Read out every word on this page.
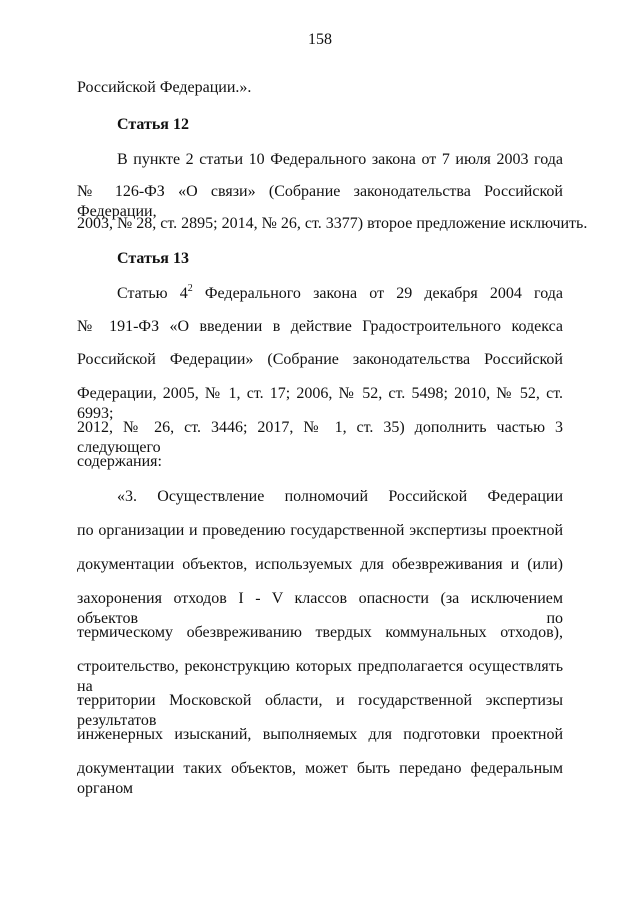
158
Российской Федерации.».
Статья 12
В пункте 2 статьи 10 Федерального закона от 7 июля 2003 года
№ 126-ФЗ «О связи» (Собрание законодательства Российской Федерации,
2003, № 28, ст. 2895; 2014, № 26, ст. 3377) второе предложение исключить.
Статья 13
Статью $4^2$ Федерального закона от 29 декабря 2004 года
№ 191-ФЗ «О введении в действие Градостроительного кодекса
Российской Федерации» (Собрание законодательства Российской
Федерации, 2005, № 1, ст. 17; 2006, № 52, ст. 5498; 2010, № 52, ст. 6993;
2012, № 26, ст. 3446; 2017, № 1, ст. 35) дополнить частью 3 следующего
содержания:
«3. Осуществление полномочий Российской Федерации
по организации и проведению государственной экспертизы проектной
документации объектов, используемых для обезвреживания и (или)
захоронения отходов I - V классов опасности (за исключением объектов по
термическому обезвреживанию твердых коммунальных отходов),
строительство, реконструкцию которых предполагается осуществлять на
территории Московской области, и государственной экспертизы результатов
инженерных изысканий, выполняемых для подготовки проектной
документации таких объектов, может быть передано федеральным органом
